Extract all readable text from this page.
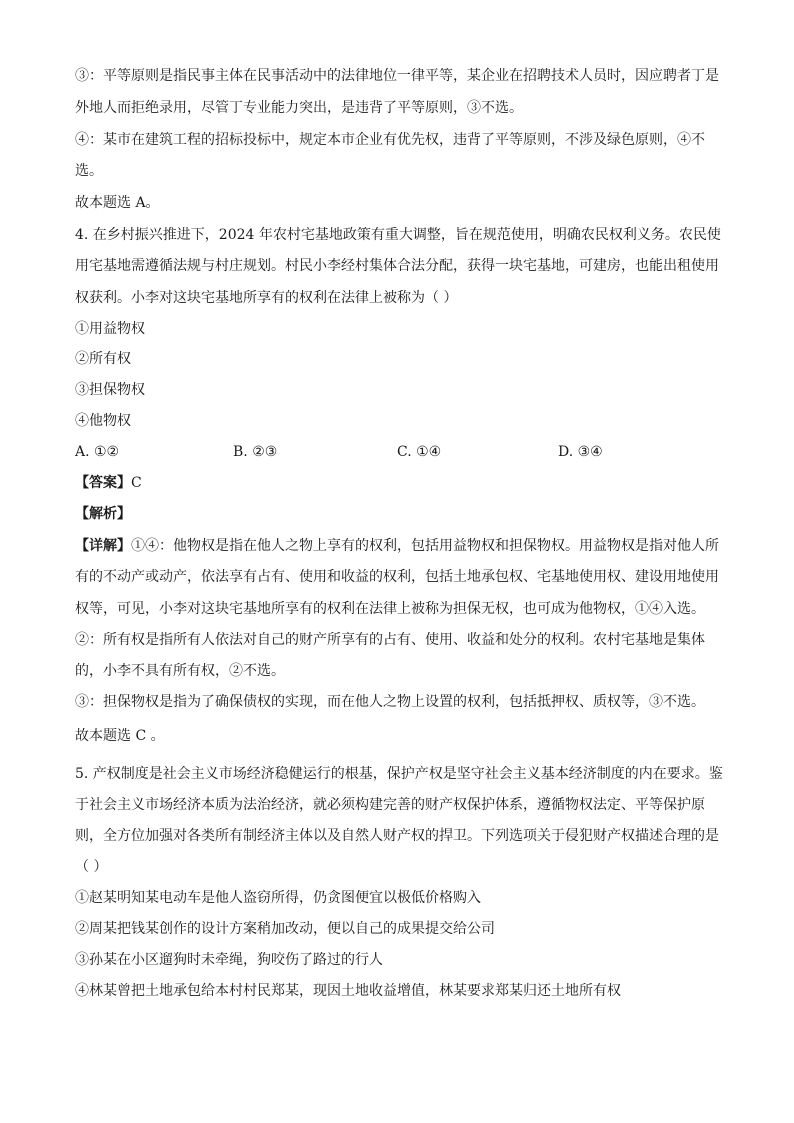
③：平等原则是指民事主体在民事活动中的法律地位一律平等，某企业在招聘技术人员时，因应聘者丁是
外地人而拒绝录用，尽管丁专业能力突出，是违背了平等原则，③不选。
④：某市在建筑工程的招标投标中，规定本市企业有优先权，违背了平等原则，不涉及绿色原则，④不
选。
故本题选 A。
4. 在乡村振兴推进下，2024 年农村宅基地政策有重大调整，旨在规范使用，明确农民权利义务。农民使
用宅基地需遵循法规与村庄规划。村民小李经村集体合法分配，获得一块宅基地，可建房，也能出租使用
权获利。小李对这块宅基地所享有的权利在法律上被称为（ ）
①用益物权
②所有权
③担保物权
④他物权
A. ①②	B. ②③	C. ①④	D. ③④
【答案】C
【解析】
【详解】①④：他物权是指在他人之物上享有的权利，包括用益物权和担保物权。用益物权是指对他人所
有的不动产或动产，依法享有占有、使用和收益的权利，包括土地承包权、宅基地使用权、建设用地使用
权等，可见，小李对这块宅基地所享有的权利在法律上被称为担保无权，也可成为他物权，①④入选。
②：所有权是指所有人依法对自己的财产所享有的占有、使用、收益和处分的权利。农村宅基地是集体
的，小李不具有所有权，②不选。
③：担保物权是指为了确保债权的实现，而在他人之物上设置的权利，包括抵押权、质权等，③不选。
故本题选 C 。
5. 产权制度是社会主义市场经济稳健运行的根基，保护产权是坚守社会主义基本经济制度的内在要求。鉴
于社会主义市场经济本质为法治经济，就必须构建完善的财产权保护体系，遵循物权法定、平等保护原
则，全方位加强对各类所有制经济主体以及自然人财产权的捍卫。下列选项关于侵犯财产权描述合理的是
（ ）
①赵某明知某电动车是他人盗窃所得，仍贪图便宜以极低价格购入
②周某把钱某创作的设计方案稍加改动，便以自己的成果提交给公司
③孙某在小区遛狗时未牵绳，狗咬伤了路过的行人
④林某曾把土地承包给本村村民郑某，现因土地收益增值，林某要求郑某归还土地所有权
